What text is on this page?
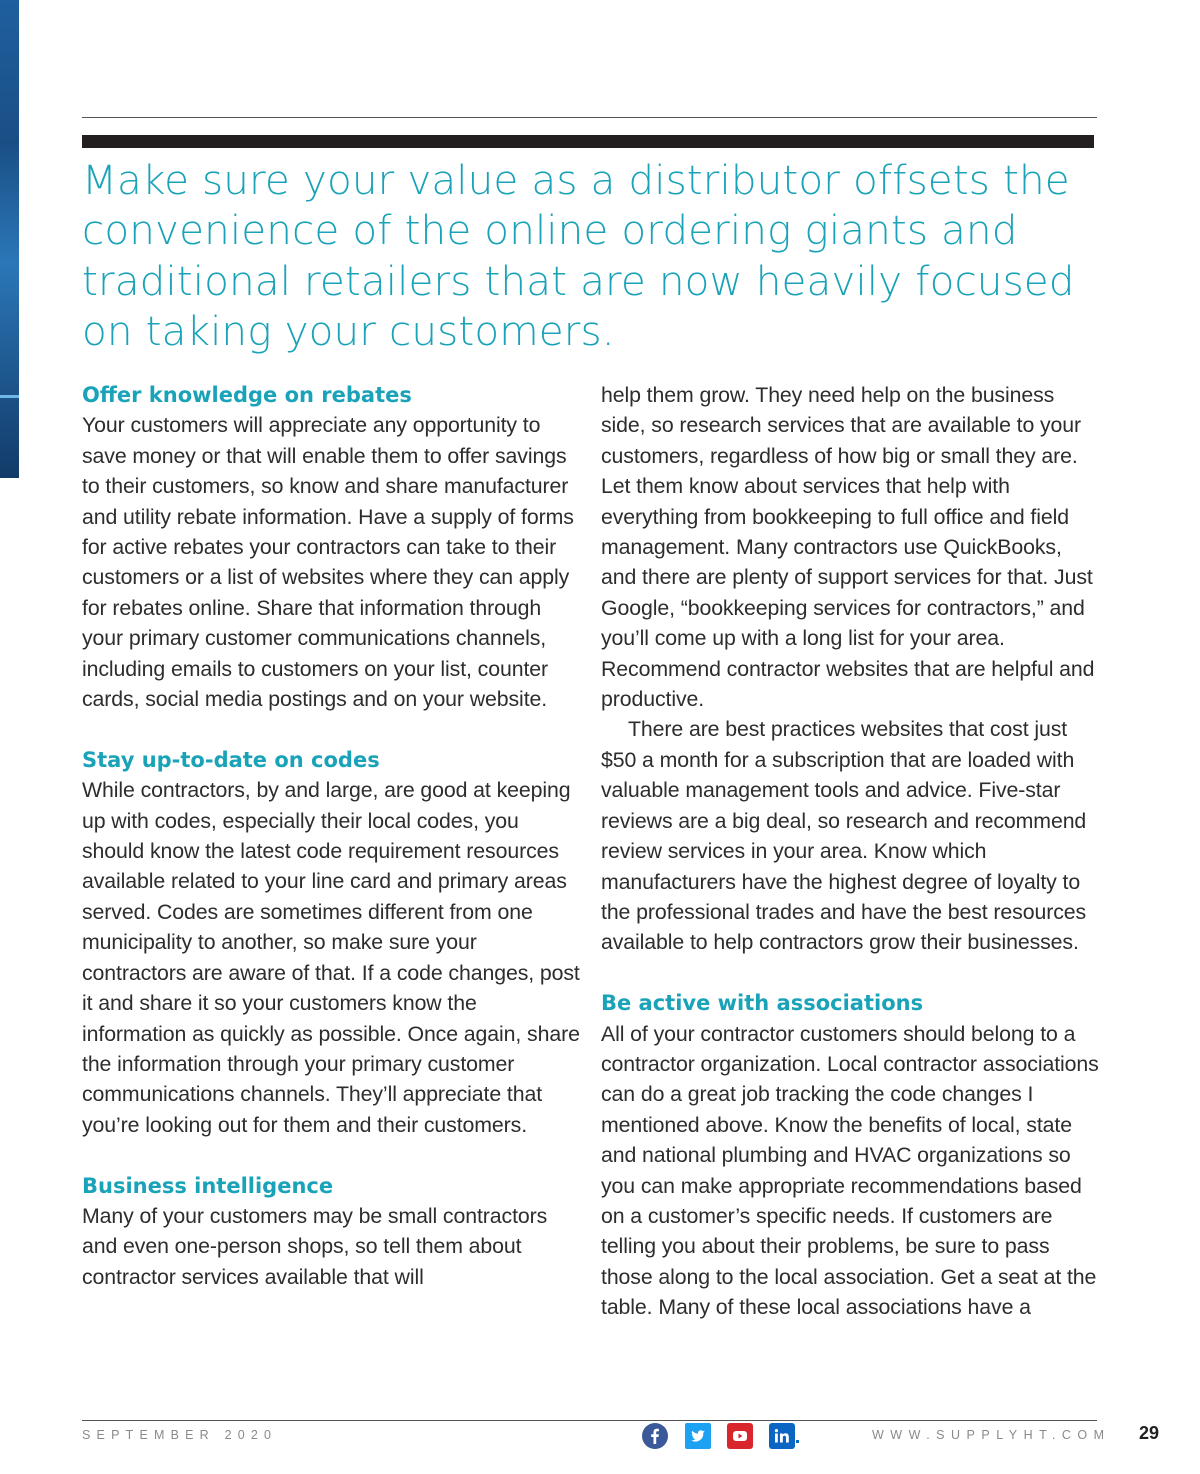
Make sure your value as a distributor offsets the convenience of the online ordering giants and traditional retailers that are now heavily focused on taking your customers.
Offer knowledge on rebates

Your customers will appreciate any opportunity to save money or that will enable them to offer savings to their customers, so know and share manufacturer and utility rebate information. Have a supply of forms for active rebates your contractors can take to their customers or a list of websites where they can apply for rebates online. Share that information through your primary customer communications channels, including emails to customers on your list, counter cards, social media postings and on your website.

Stay up-to-date on codes

While contractors, by and large, are good at keeping up with codes, especially their local codes, you should know the latest code requirement resources available related to your line card and primary areas served. Codes are sometimes different from one municipality to another, so make sure your contractors are aware of that. If a code changes, post it and share it so your customers know the information as quickly as possible. Once again, share the information through your primary customer communications channels. They’ll appreciate that you’re looking out for them and their customers.

Business intelligence

Many of your customers may be small contractors and even one-person shops, so tell them about contractor services available that will

help them grow. They need help on the business side, so research services that are available to your customers, regardless of how big or small they are. Let them know about services that help with everything from bookkeeping to full office and field management. Many contractors use QuickBooks, and there are plenty of support services for that. Just Google, “bookkeeping services for contractors,” and you’ll come up with a long list for your area. Recommend contractor websites that are helpful and productive.

There are best practices websites that cost just $50 a month for a subscription that are loaded with valuable management tools and advice. Five-star reviews are a big deal, so research and recommend review services in your area. Know which manufacturers have the highest degree of loyalty to the professional trades and have the best resources available to help contractors grow their businesses.

Be active with associations

All of your contractor customers should belong to a contractor organization. Local contractor associations can do a great job tracking the code changes I mentioned above. Know the benefits of local, state and national plumbing and HVAC organizations so you can make appropriate recommendations based on a customer’s specific needs. If customers are telling you about their problems, be sure to pass those along to the local association. Get a seat at the table. Many of these local associations have a

SEPTEMBER 2020	WWW.SUPPLYHT.COM 29
